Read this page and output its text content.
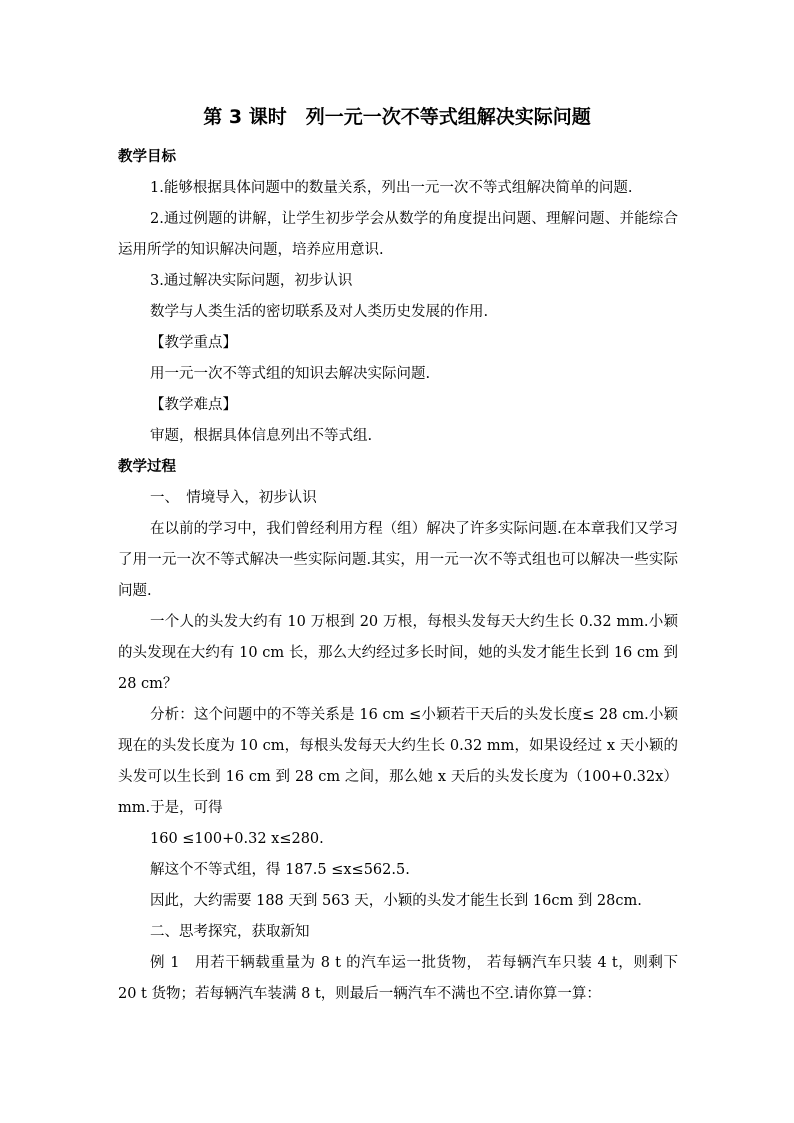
第 3 课时　列一元一次不等式组解决实际问题

教学目标

1.能够根据具体问题中的数量关系，列出一元一次不等式组解决简单的问题.

2.通过例题的讲解，让学生初步学会从数学的角度提出问题、理解问题、并能综合运用所学的知识解决问题，培养应用意识.

3.通过解决实际问题，初步认识

数学与人类生活的密切联系及对人类历史发展的作用.

【教学重点】

用一元一次不等式组的知识去解决实际问题.

【教学难点】

审题，根据具体信息列出不等式组.

教学过程

一、　情境导入，初步认识

在以前的学习中，我们曾经利用方程（组）解决了许多实际问题.在本章我们又学习了用一元一次不等式解决一些实际问题.其实，用一元一次不等式组也可以解决一些实际问题.

一个人的头发大约有 10 万根到 20 万根，每根头发每天大约生长 0.32 mm.小颖的头发现在大约有 10 cm 长，那么大约经过多长时间，她的头发才能生长到 16 cm 到 28 cm？

分析：这个问题中的不等关系是 16 cm ≤小颖若干天后的头发长度≤ 28 cm.小颖现在的头发长度为 10 cm，每根头发每天大约生长 0.32 mm，如果设经过 x 天小颖的头发可以生长到 16 cm 到 28 cm 之间，那么她 x 天后的头发长度为（100+0.32x）mm.于是，可得

160 ≤100+0.32 x≤280.

解这个不等式组，得 187.5 ≤x≤562.5.

因此，大约需要 188 天到 563 天，小颖的头发才能生长到 16cm 到 28cm.

二、思考探究，获取新知

例 1　用若干辆载重量为 8 t 的汽车运一批货物， 若每辆汽车只装 4 t，则剩下 20 t 货物；若每辆汽车装满 8 t，则最后一辆汽车不满也不空.请你算一算：
